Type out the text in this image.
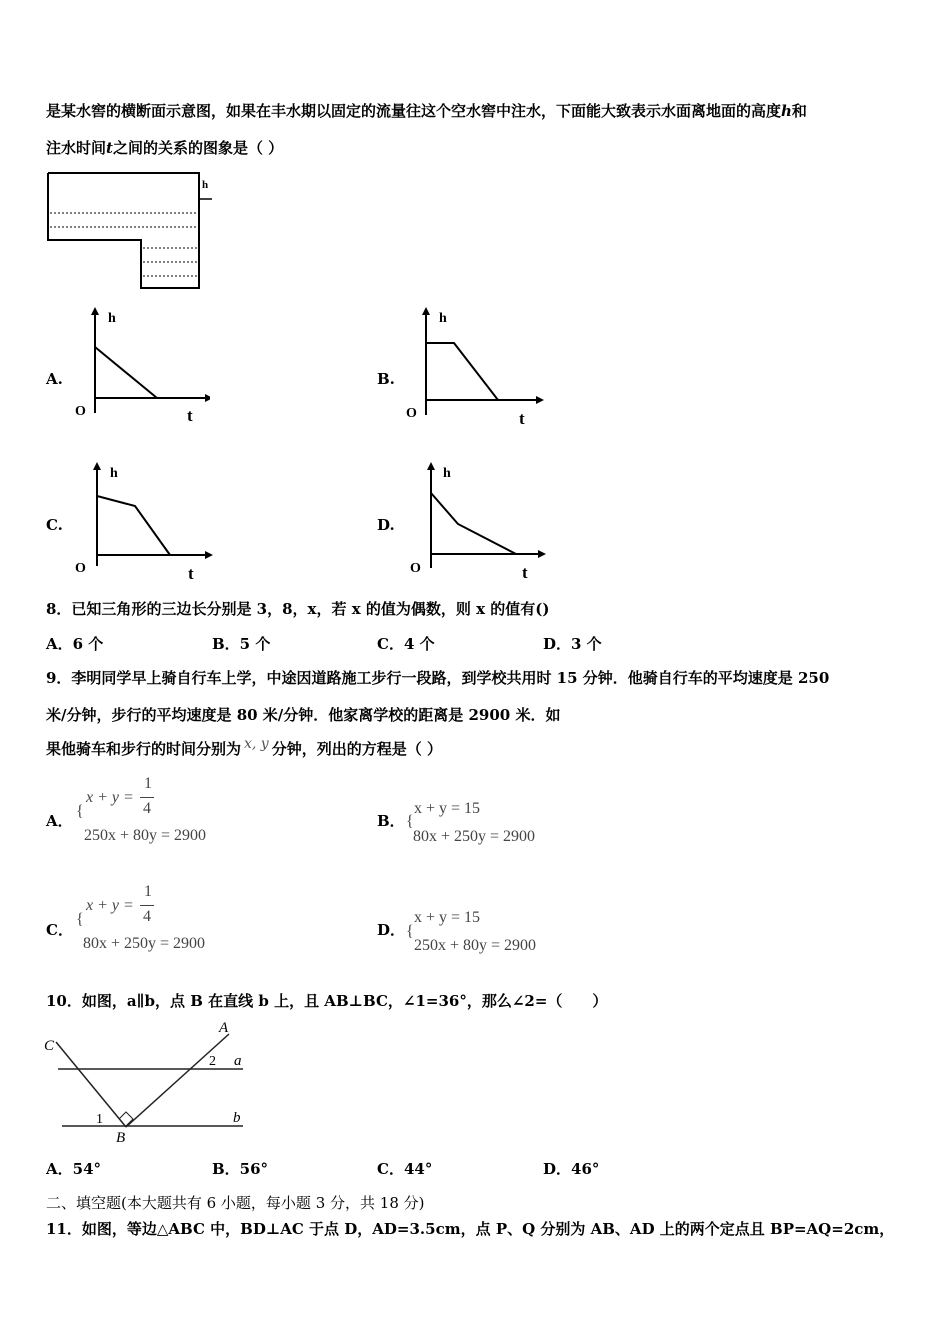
是某水窖的横断面示意图，如果在丰水期以固定的流量往这个空水窖中注水，下面能大致表示水面离地面的高度h和
注水时间t之间的关系的图象是（ ）
h
A.
h
t
O
B.
h
t
O
C.
h
t
O
D.
h
t
O
8．已知三角形的三边长分别是 3，8，x，若 x 的值为偶数，则 x 的值有()
A．6 个	B．5 个	C．4 个	D．3 个
9．李明同学早上骑自行车上学，中途因道路施工步行一段路，到学校共用时 15 分钟．他骑自行车的平均速度是 250
米/分钟，步行的平均速度是 80 米/分钟．他家离学校的距离是 2900 米．如
果他骑车和步行的时间分别为 x, y 分钟，列出的方程是（ ）
A．
{
x + y =
1
4
250x + 80y = 2900
B． {
x + y = 15
80x + 250y = 2900
C．
{
x + y =
1
4
80x + 250y = 2900
D． {
x + y = 15
250x + 80y = 2900
10．如图，a∥b，点 B 在直线 b 上，且 AB⊥BC，∠1=36°，那么∠2=（　　）
C
A
B
a
b
1
2
A．54°	B．56°	C．44°	D．46°
二、填空题(本大题共有 6 小题，每小题 3 分，共 18 分)
11．如图，等边△ABC 中，BD⊥AC 于点 D，AD=3.5cm，点 P、Q 分别为 AB、AD 上的两个定点且 BP=AQ=2cm，
